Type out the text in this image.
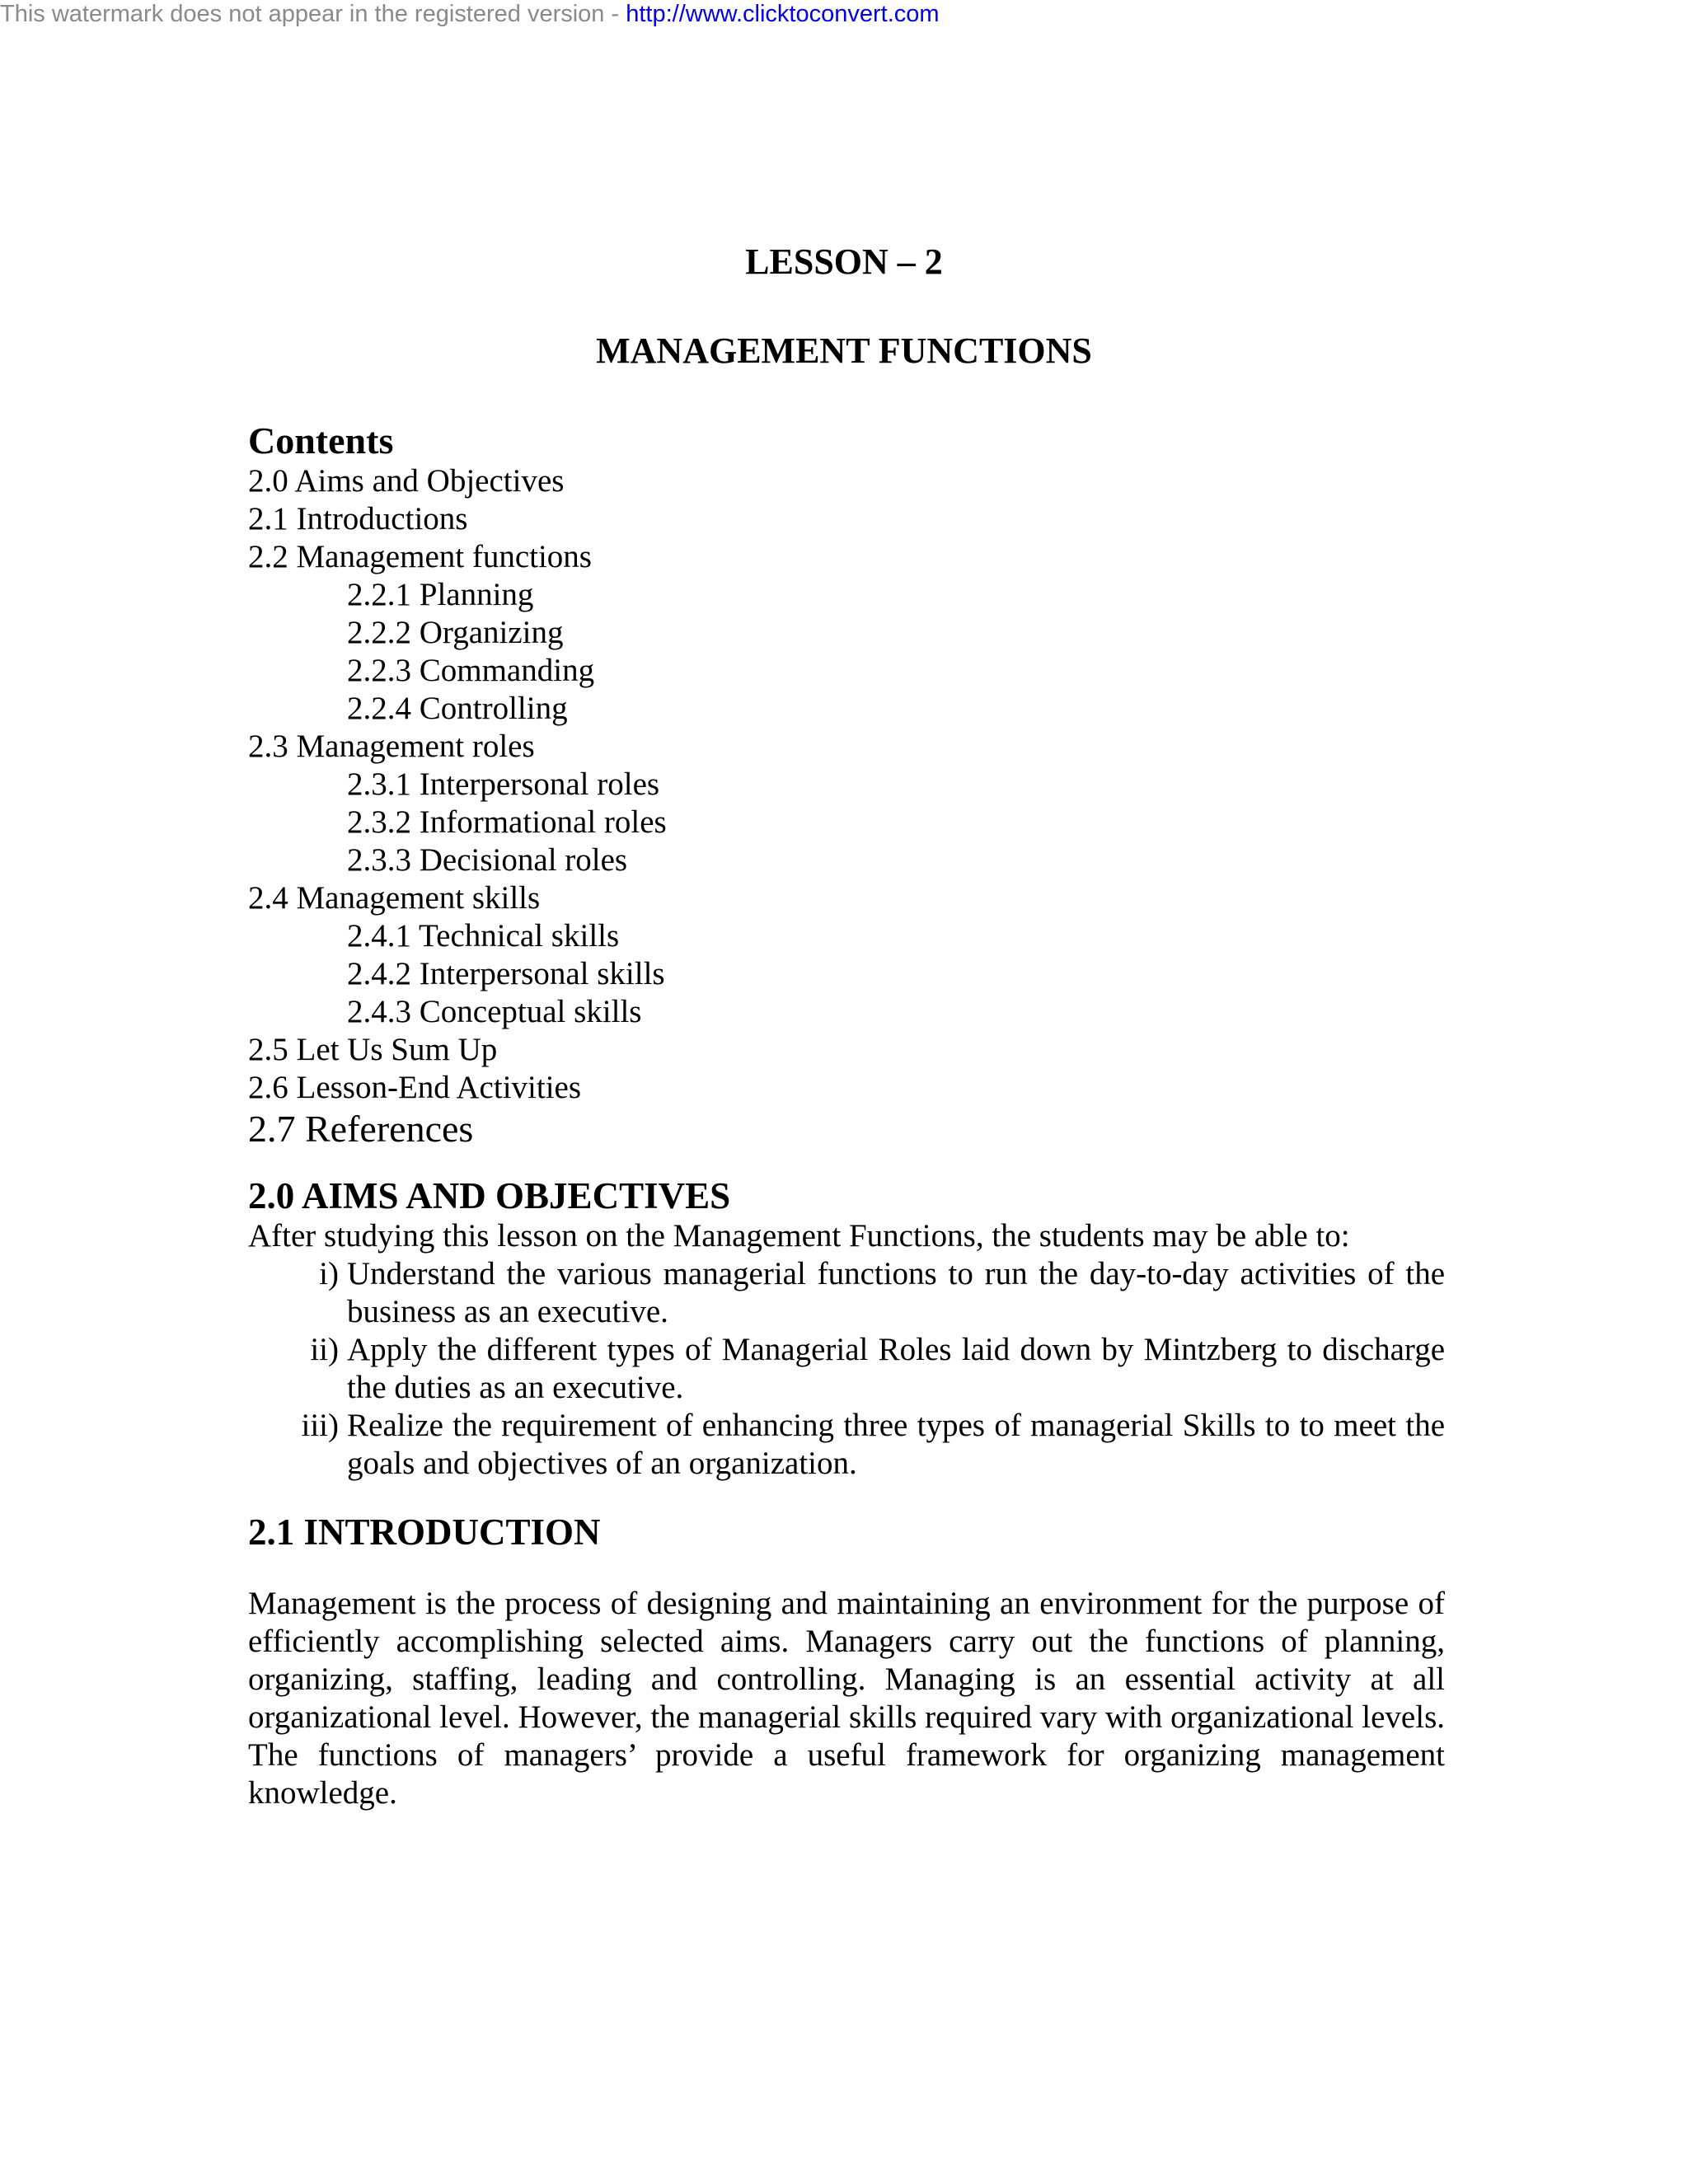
This watermark does not appear in the registered version - http://www.clicktoconvert.com
LESSON – 2
MANAGEMENT FUNCTIONS
Contents
2.0 Aims and Objectives
2.1 Introductions
2.2 Management functions
2.2.1 Planning
2.2.2 Organizing
2.2.3 Commanding
2.2.4 Controlling
2.3 Management roles
2.3.1 Interpersonal roles
2.3.2 Informational roles
2.3.3 Decisional roles
2.4 Management skills
2.4.1 Technical skills
2.4.2 Interpersonal skills
2.4.3 Conceptual skills
2.5 Let Us Sum Up
2.6 Lesson-End Activities
2.7 References
2.0 AIMS AND OBJECTIVES

After studying this lesson on the Management Functions, the students may be able to:

i) Understand the various managerial functions to run the day-to-day activities of the business as an executive.
ii) Apply the different types of Managerial Roles laid down by Mintzberg to discharge the duties as an executive.
iii) Realize the requirement of enhancing three types of managerial Skills to to meet the goals and objectives of an organization.
2.1 INTRODUCTION

Management is the process of designing and maintaining an environment for the purpose of efficiently accomplishing selected aims. Managers carry out the functions of planning, organizing, staffing, leading and controlling. Managing is an essential activity at all organizational level. However, the managerial skills required vary with organizational levels. The functions of managers’ provide a useful framework for organizing management knowledge.
